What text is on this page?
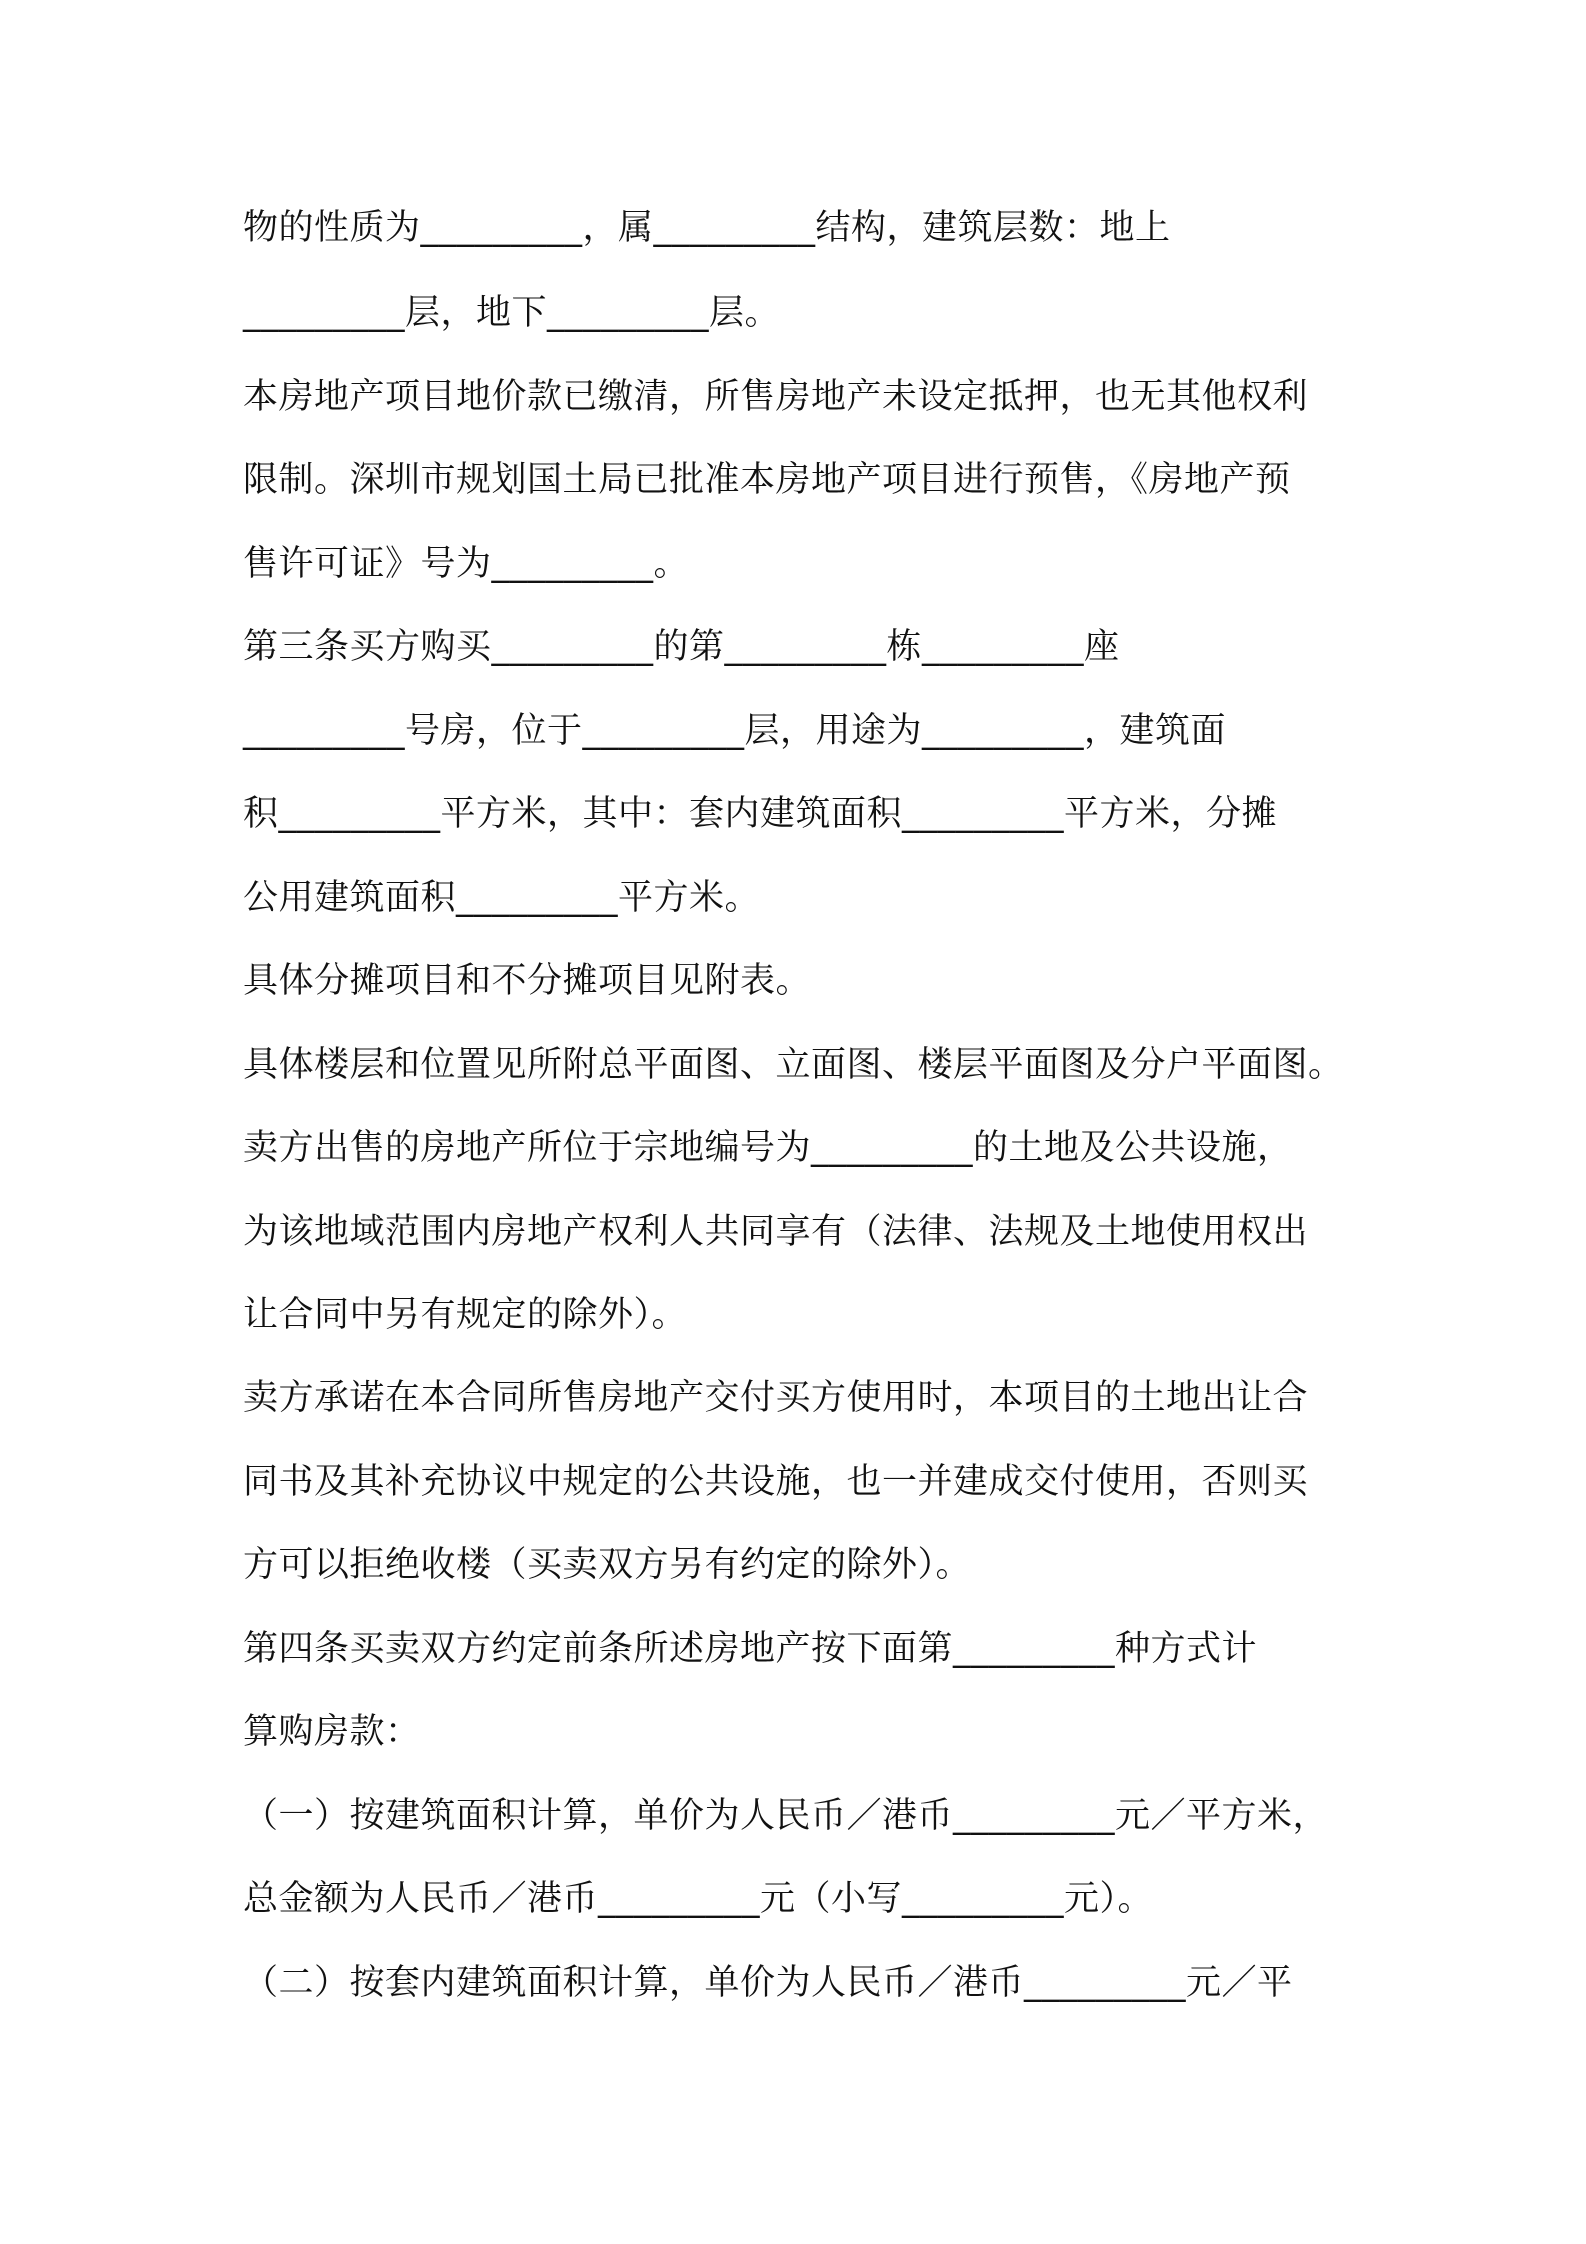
物的性质为_________，属_________结构，建筑层数：地上
_________层，地下_________层。
本房地产项目地价款已缴清，所售房地产未设定抵押，也无其他权利
限制。深圳市规划国土局已批准本房地产项目进行预售，《房地产预
售许可证》号为_________。
第三条买方购买_________的第_________栋_________座
_________号房，位于_________层，用途为_________，建筑面
积_________平方米，其中：套内建筑面积_________平方米，分摊
公用建筑面积_________平方米。
具体分摊项目和不分摊项目见附表。
具体楼层和位置见所附总平面图、立面图、楼层平面图及分户平面图。
卖方出售的房地产所位于宗地编号为_________的土地及公共设施，
为该地域范围内房地产权利人共同享有（法律、法规及土地使用权出
让合同中另有规定的除外）。
卖方承诺在本合同所售房地产交付买方使用时，本项目的土地出让合
同书及其补充协议中规定的公共设施，也一并建成交付使用，否则买
方可以拒绝收楼（买卖双方另有约定的除外）。
第四条买卖双方约定前条所述房地产按下面第_________种方式计
算购房款：
（一）按建筑面积计算，单价为人民币／港币_________元／平方米，
总金额为人民币／港币_________元（小写_________元）。
（二）按套内建筑面积计算，单价为人民币／港币_________元／平
